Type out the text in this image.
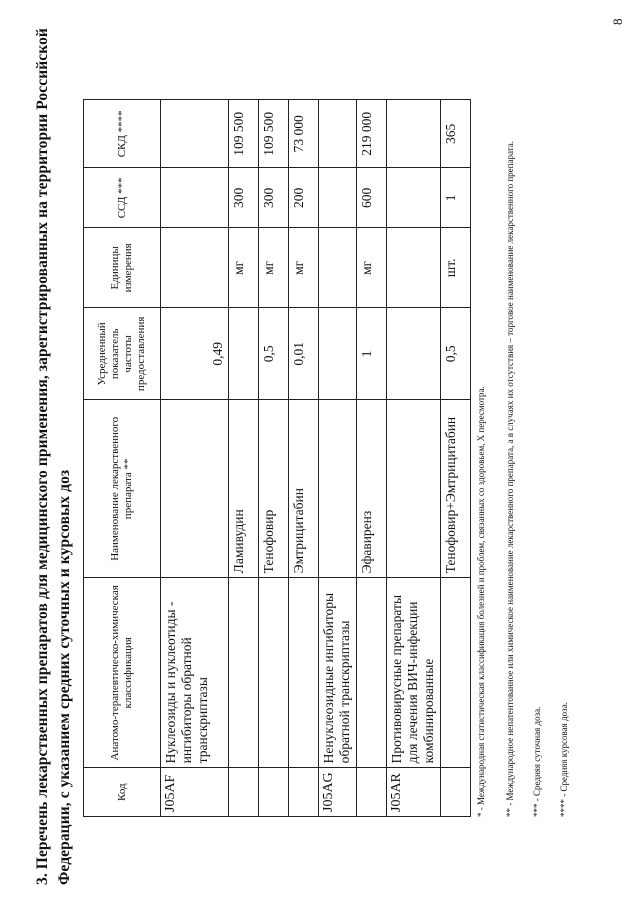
3. Перечень лекарственных препаратов для медицинского применения, зарегистрированных на территории Российской Федерации, с указанием средних суточных и курсовых доз	Код	Анатомо-терапевтическо-химическая классификация	Наименование лекарственного препарата **	Усредненный показатель частоты предоставления	Единицы измерения	ССД ***	СКД ****
J05AF	Нуклеозиды и нуклеотиды - ингибиторы обратной транскриптазы		0,49			
		Ламивудин		мг	300	109 500
		Тенофовир	0,5	мг	300	109 500
		Эмтрицитабин	0,01	мг	200	73 000
J05AG	Ненуклеозидные ингибиторы обратной транскриптазы					
		Эфавиренз	1	мг	600	219 000
J05AR	Противовирусные препараты для лечения ВИЧ-инфекции комбинированные					
		Тенофовир+Эмтрицитабин	0,5	шт.	1	365

* - Международная статистическая классификация болезней и проблем, связанных со здоровьем, X пересмотра. ** - Международное непатентованное или химическое наименование лекарственного препарата, а в случаях их отсутствия – торговое наименование лекарственного препарата. *** - Средняя суточная доза. **** - Средняя курсовая доза.

8
